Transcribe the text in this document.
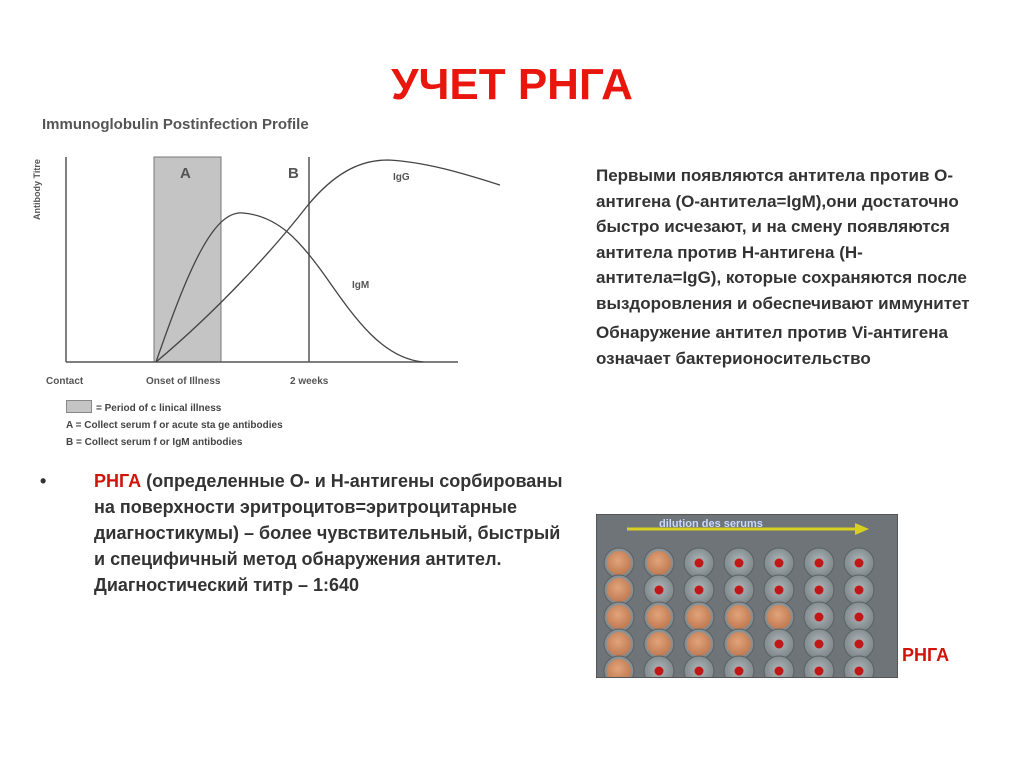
УЧЕТ РНГА
Immunoglobulin Postinfection Profile
Antibody Titre	A	B	IgG
IgM
Contact	Onset of Illness	2 weeks
= Period of c linical illness
A = Collect serum f or acute sta ge antibodies
B = Collect serum f or IgM antibodies
•	РНГА (определенные О- и Н-антигены сорбированы на поверхности эритроцитов=эритроцитарные диагностикумы) – более чувствительный, быстрый и специфичный метод обнаружения антител. Диагностический титр – 1:640
Первыми появляются антитела против О-антигена (О-антитела=IgM),они достаточно быстро исчезают, и на смену появляются антитела против Н-антигена (Н-антитела=IgG), которые сохраняются после выздоровления и обеспечивают иммунитет
Обнаружение антител против Vi-антигена означает бактерионосительство
dilution des serums
РНГА
